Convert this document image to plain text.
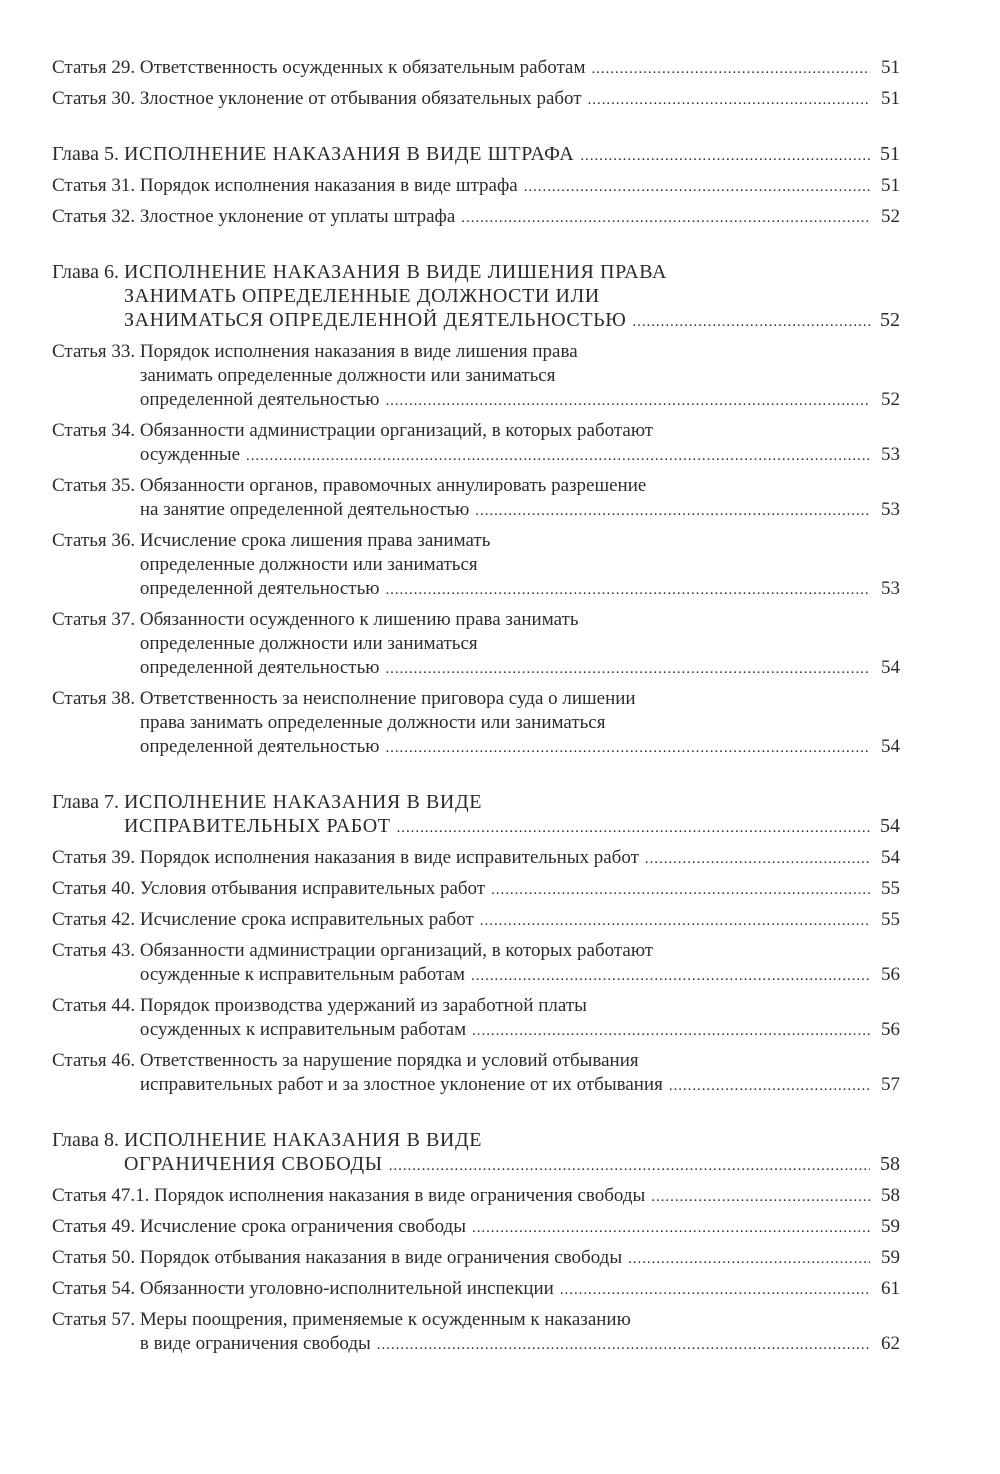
Статья 29. Ответственность осужденных к обязательным работам . . .	51
Статья 30. Злостное уклонение от отбывания обязательных работ . . .	51
Глава 5. ИСПОЛНЕНИЕ НАКАЗАНИЯ В ВИДЕ ШТРАФА . . .	51
Статья 31. Порядок исполнения наказания в виде штрафа . . .	51
Статья 32. Злостное уклонение от уплаты штрафа . . .	52
Глава 6. ИСПОЛНЕНИЕ НАКАЗАНИЯ В ВИДЕ ЛИШЕНИЯ ПРАВА
ЗАНИМАТЬ ОПРЕДЕЛЕННЫЕ ДОЛЖНОСТИ ИЛИ
ЗАНИМАТЬСЯ ОПРЕДЕЛЕННОЙ ДЕЯТЕЛЬНОСТЬЮ . . .	52
Статья 33. Порядок исполнения наказания в виде лишения права
занимать определенные должности или заниматься
определенной деятельностью . . .	52
Статья 34. Обязанности администрации организаций, в которых работают
осужденные . . .	53
Статья 35. Обязанности органов, правомочных аннулировать разрешение
на занятие определенной деятельностью . . .	53
Статья 36. Исчисление срока лишения права занимать
определенные должности или заниматься
определенной деятельностью . . .	53
Статья 37. Обязанности осужденного к лишению права занимать
определенные должности или заниматься
определенной деятельностью . . .	54
Статья 38. Ответственность за неисполнение приговора суда о лишении
права занимать определенные должности или заниматься
определенной деятельностью . . .	54
Глава 7. ИСПОЛНЕНИЕ НАКАЗАНИЯ В ВИДЕ
ИСПРАВИТЕЛЬНЫХ РАБОТ . . .	54
Статья 39. Порядок исполнения наказания в виде исправительных работ . . .	54
Статья 40. Условия отбывания исправительных работ . . .	55
Статья 42. Исчисление срока исправительных работ . . .	55
Статья 43. Обязанности администрации организаций, в которых работают
осужденные к исправительным работам . . .	56
Статья 44. Порядок производства удержаний из заработной платы
осужденных к исправительным работам . . .	56
Статья 46. Ответственность за нарушение порядка и условий отбывания
исправительных работ и за злостное уклонение от их отбывания . . .	57
Глава 8. ИСПОЛНЕНИЕ НАКАЗАНИЯ В ВИДЕ
ОГРАНИЧЕНИЯ СВОБОДЫ . . .	58
Статья 47.1. Порядок исполнения наказания в виде ограничения свободы . . .	58
Статья 49. Исчисление срока ограничения свободы . . .	59
Статья 50. Порядок отбывания наказания в виде ограничения свободы . . .	59
Статья 54. Обязанности уголовно-исполнительной инспекции . . .	61
Статья 57. Меры поощрения, применяемые к осужденным к наказанию
в виде ограничения свободы . . .	62
